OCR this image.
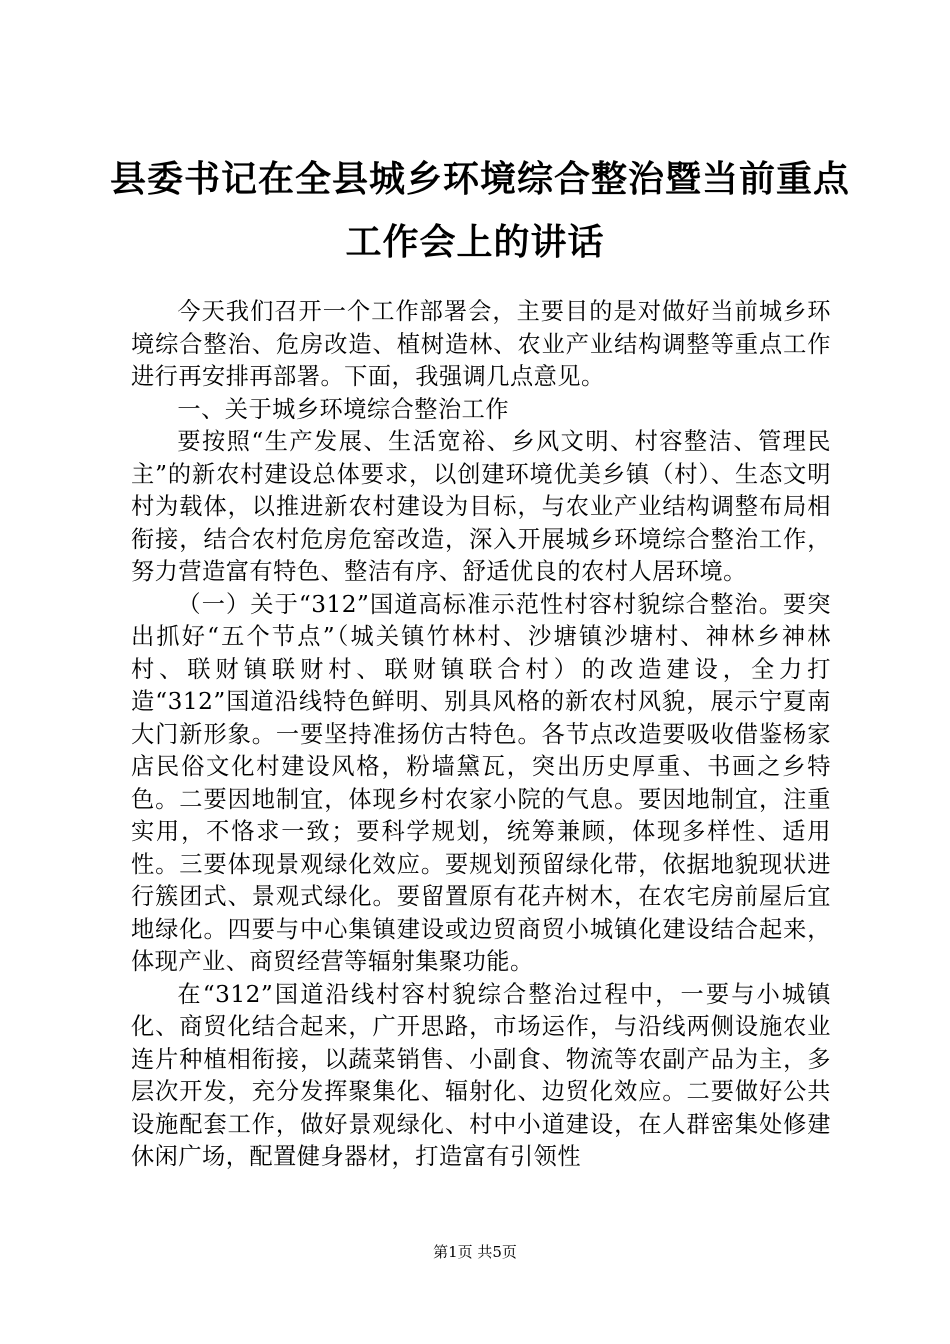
县委书记在全县城乡环境综合整治暨当前重点
工作会上的讲话

今天我们召开一个工作部署会，主要目的是对做好当前城乡环境综合整治、危房改造、植树造林、农业产业结构调整等重点工作进行再安排再部署。下面，我强调几点意见。

一、关于城乡环境综合整治工作

要按照“生产发展、生活宽裕、乡风文明、村容整洁、管理民主”的新农村建设总体要求，以创建环境优美乡镇（村）、生态文明村为载体，以推进新农村建设为目标，与农业产业结构调整布局相衔接，结合农村危房危窑改造，深入开展城乡环境综合整治工作，努力营造富有特色、整洁有序、舒适优良的农村人居环境。

（一）关于“312”国道高标准示范性村容村貌综合整治。要突出抓好“五个节点”（城关镇竹林村、沙塘镇沙塘村、神林乡神林村、联财镇联财村、联财镇联合村）的改造建设，全力打造“312”国道沿线特色鲜明、别具风格的新农村风貌，展示宁夏南大门新形象。一要坚持准扬仿古特色。各节点改造要吸收借鉴杨家店民俗文化村建设风格，粉墙黛瓦，突出历史厚重、书画之乡特色。二要因地制宜，体现乡村农家小院的气息。要因地制宜，注重实用，不恪求一致；要科学规划，统筹兼顾，体现多样性、适用性。三要体现景观绿化效应。要规划预留绿化带，依据地貌现状进行簇团式、景观式绿化。要留置原有花卉树木，在农宅房前屋后宜地绿化。四要与中心集镇建设或边贸商贸小城镇化建设结合起来，体现产业、商贸经营等辐射集聚功能。

在“312”国道沿线村容村貌综合整治过程中，一要与小城镇化、商贸化结合起来，广开思路，市场运作，与沿线两侧设施农业连片种植相衔接，以蔬菜销售、小副食、物流等农副产品为主，多层次开发，充分发挥聚集化、辐射化、边贸化效应。二要做好公共设施配套工作，做好景观绿化、村中小道建设，在人群密集处修建休闲广场，配置健身器材，打造富有引领性

第1页 共5页
